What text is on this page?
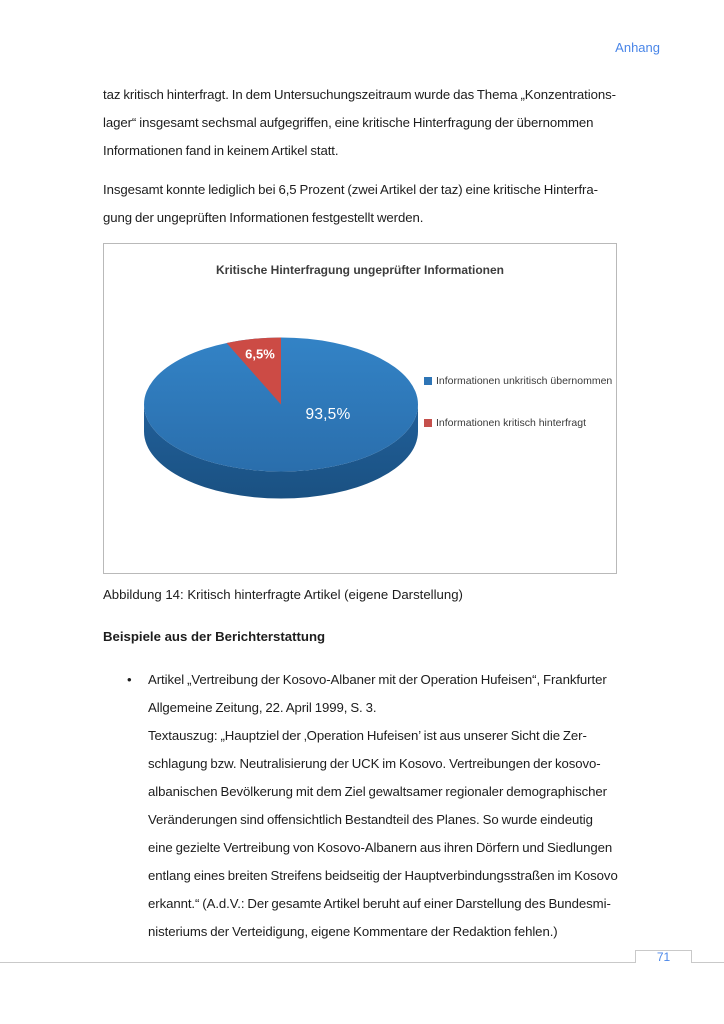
Anhang
taz kritisch hinterfragt. In dem Untersuchungszeitraum wurde das Thema „Konzentrations-
lager“ insgesamt sechsmal aufgegriffen, eine kritische Hinterfragung der übernommen
Informationen fand in keinem Artikel statt.
Insgesamt konnte lediglich bei 6,5 Prozent (zwei Artikel der taz) eine kritische Hinterfra-
gung der ungeprüften Informationen festgestellt werden.
Kritische Hinterfragung ungeprüfter Informationen
6,5%
93,5%
Informationen unkritisch übernommen
Informationen kritisch hinterfragt
Abbildung 14: Kritisch hinterfragte Artikel (eigene Darstellung)
Beispiele aus der Berichterstattung
• Artikel „Vertreibung der Kosovo-Albaner mit der Operation Hufeisen“, Frankfurter
Allgemeine Zeitung, 22. April 1999, S. 3.
Textauszug: „Hauptziel der ‚Operation Hufeisen’ ist aus unserer Sicht die Zer-
schlagung bzw. Neutralisierung der UCK im Kosovo. Vertreibungen der kosovo-
albanischen Bevölkerung mit dem Ziel gewaltsamer regionaler demographischer
Veränderungen sind offensichtlich Bestandteil des Planes. So wurde eindeutig
eine gezielte Vertreibung von Kosovo-Albanern aus ihren Dörfern und Siedlungen
entlang eines breiten Streifens beidseitig der Hauptverbindungsstraßen im Kosovo
erkannt.“ (A.d.V.: Der gesamte Artikel beruht auf einer Darstellung des Bundesmi-
nisteriums der Verteidigung, eigene Kommentare der Redaktion fehlen.)
71
